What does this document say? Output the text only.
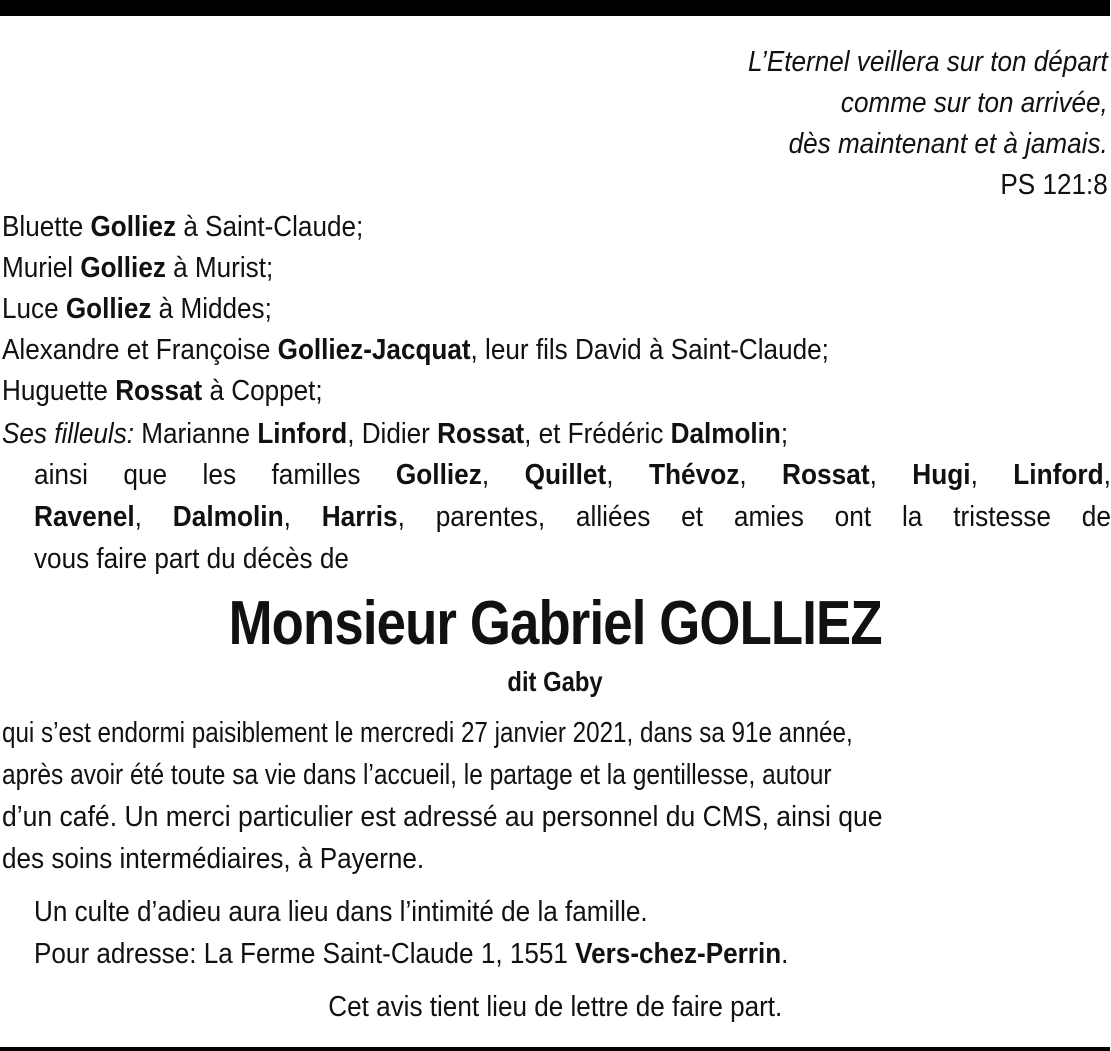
L’Eternel veillera sur ton départ
comme sur ton arrivée,
dès maintenant et à jamais.
PS 121:8
Bluette Golliez à Saint-Claude;
Muriel Golliez à Murist;
Luce Golliez à Middes;
Alexandre et Françoise Golliez-Jacquat, leur fils David à Saint-Claude;
Huguette Rossat à Coppet;
Ses filleuls: Marianne Linford, Didier Rossat, et Frédéric Dalmolin;
ainsi que les familles Golliez, Quillet, Thévoz, Rossat, Hugi, Linford,
Ravenel, Dalmolin, Harris, parentes, alliées et amies ont la tristesse de
vous faire part du décès de
Monsieur Gabriel GOLLIEZ
dit Gaby
qui s’est endormi paisiblement le mercredi 27 janvier 2021, dans sa 91e année,
après avoir été toute sa vie dans l’accueil, le partage et la gentillesse, autour
d’un café. Un merci particulier est adressé au personnel du CMS, ainsi que
des soins intermédiaires, à Payerne.
Un culte d’adieu aura lieu dans l’intimité de la famille.
Pour adresse: La Ferme Saint-Claude 1, 1551 Vers-chez-Perrin.
Cet avis tient lieu de lettre de faire part.
